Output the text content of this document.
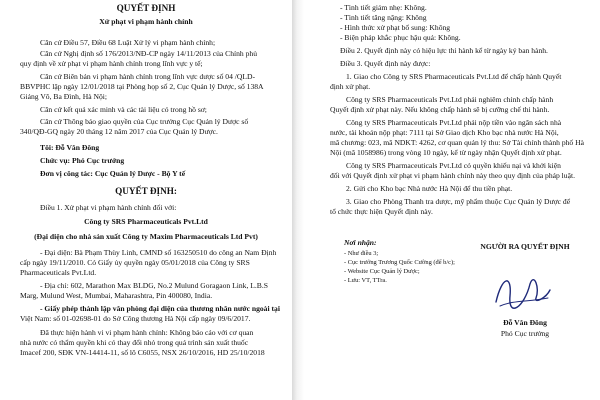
QUYẾT ĐỊNH
Xử phạt vi phạm hành chính
Căn cứ Điều 57, Điều 68 Luật Xử lý vi phạm hành chính;
Căn cứ Nghị định số 176/2013/NĐ-CP ngày 14/11/2013 của Chính phủ
quy định về xử phạt vi phạm hành chính trong lĩnh vực y tế;
Căn cứ Biên bản vi phạm hành chính trong lĩnh vực dược số 04 /QLD-
BBVPHC lập ngày 12/01/2018 tại Phòng họp số 2, Cục Quản lý Dược, số 138A
Giảng Võ, Ba Đình, Hà Nội;
Căn cứ kết quả xác minh và các tài liệu có trong hồ sơ;
Căn cứ Thông báo giao quyền của Cục trưởng Cục Quản lý Dược số
340/QĐ-GQ ngày 20 tháng 12 năm 2017 của Cục Quản lý Dược.
Tôi: Đỗ Văn Đông
Chức vụ: Phó Cục trưởng
Đơn vị công tác: Cục Quản lý Dược - Bộ Y tế
QUYẾT ĐỊNH:
Điều 1. Xử phạt vi phạm hành chính đối với:
Công ty SRS Pharmaceuticals Pvt.Ltd
(Đại diện cho nhà sản xuất Công ty Maxim Pharmaceuticals Ltd Pvt)
- Đại diện: Bà Phạm Thùy Linh, CMND số 163250510 do công an Nam Định
cấp ngày 19/11/2010. Có Giấy ủy quyền ngày 05/01/2018 của Công ty SRS
Pharmaceuticals Pvt.Ltd.
- Địa chỉ: 602, Marathon Max BLDG, No.2 Mulund Goragaon Link, L.B.S
Marg, Mulund West, Mumbai, Maharashtra, Pin 400080, India.
- Giấy phép thành lập văn phòng đại diện của thương nhân nước ngoài tại
Việt Nam: số 01-02698-01 do Sở Công thương Hà Nội cấp ngày 09/6/2017.
Đã thực hiện hành vi vi phạm hành chính: Không báo cáo với cơ quan
nhà nước có thẩm quyền khi có thay đổi nhỏ trong quá trình sản xuất thuốc
Imacef 200, SĐK VN-14414-11, số lô C6055, NSX 26/10/2016, HD 25/10/2018
- Tình tiết giảm nhẹ: Không.
- Tình tiết tăng nặng: Không
- Hình thức xử phạt bổ sung: Không
- Biện pháp khắc phục hậu quả: Không.
Điều 2. Quyết định này có hiệu lực thi hành kể từ ngày ký ban hành.
Điều 3. Quyết định này được:
1. Giao cho Công ty SRS Pharmaceuticals Pvt.Ltd để chấp hành Quyết
định xử phạt.
Công ty SRS Pharmaceuticals Pvt.Ltd phải nghiêm chỉnh chấp hành
Quyết định xử phạt này. Nếu không chấp hành sẽ bị cưỡng chế thi hành.
Công ty SRS Pharmaceuticals Pvt.Ltd phải nộp tiền vào ngân sách nhà
nước, tài khoản nộp phạt: 7111 tại Sở Giao dịch Kho bạc nhà nước Hà Nội,
mã chương: 023, mã NDKT: 4262, cơ quan quản lý thu: Sở Tài chính thành phố Hà
Nội (mã 1058986) trong vòng 10 ngày, kể từ ngày nhận Quyết định xử phạt.
Công ty SRS Pharmaceuticals Pvt.Ltd có quyền khiếu nại và khởi kiện
đối với Quyết định xử phạt vi phạm hành chính này theo quy định của pháp luật.
2. Gửi cho Kho bạc Nhà nước Hà Nội để thu tiền phạt.
3. Giao cho Phòng Thanh tra dược, mỹ phẩm thuộc Cục Quản lý Dược để
tổ chức thực hiện Quyết định này.
Nơi nhận:
- Như điều 3;
- Cục trưởng Trương Quốc Cường (để b/c);
- Website Cục Quản lý Dược;
- Lưu: VT, TTra.
NGƯỜI RA QUYẾT ĐỊNH
Đỗ Văn Đông
Phó Cục trưởng
